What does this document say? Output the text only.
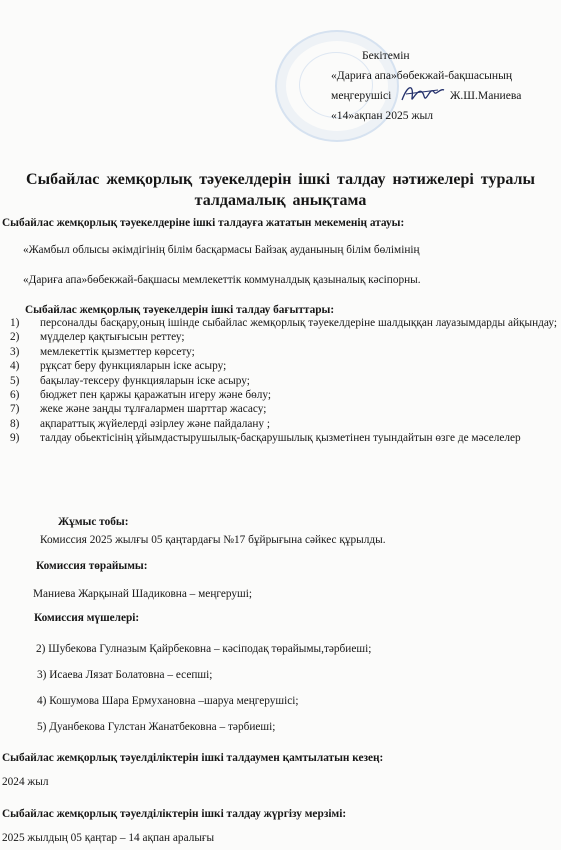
Бекітемін
«Дариға апа»бөбекжай-бақшасының
меңгерушісі	Ж.Ш.Маниева
«14»ақпан 2025 жыл
Сыбайлас жемқорлық тәуекелдерін ішкі талдау нәтижелері туралы
талдамалық анықтама
Сыбайлас жемқорлық тәуекелдеріне ішкі талдауға жататын мекеменің атауы:
«Жамбыл облысы әкімдігінің білім басқармасы Байзақ ауданының білім бөлімінің
«Дариға апа»бөбекжай-бақшасы мемлекеттік коммуналдық қазыналық кәсіпорны.
Сыбайлас жемқорлық тәуекелдерін ішкі талдау бағыттары:
1)	персоналды басқару,оның ішінде сыбайлас жемқорлық тәуекелдеріне шалдыққан лауазымдарды айқындау;
2)	мүдделер қақтығысын реттеу;
3)	мемлекеттік қызметтер көрсету;
4)	рұқсат беру функцияларын іске асыру;
5)	бақылау-тексеру функцияларын іске асыру;
6)	бюджет пен қаржы қаражатын игеру және бөлу;
7)	жеке және заңды тұлғалармен шарттар жасасу;
8)	ақпараттық жүйелерді әзірлеу және пайдалану ;
9)	талдау обьектісінің ұйымдастырушылық-басқарушылық қызметінен туындайтын өзге де мәселелер
Жұмыс тобы:
Комиссия 2025 жылғы 05 қаңтардағы №17 бұйрығына сәйкес құрылды.
Комиссия төрайымы:
Маниева Жарқынай Шадиковна – меңгеруші;
Комиссия мүшелері:
2) Шубекова Гулназым Қайрбековна – кәсіподақ төрайымы,тәрбиеші;
3) Исаева Лязат Болатовна – есепші;
4) Кошумова Шара Ермухановна –шаруа меңгерушісі;
5) Дуанбекова Гулстан Жанатбековна – тәрбиеші;
Сыбайлас жемқорлық тәуелділіктерін ішкі талдаумен қамтылатын кезең:
2024 жыл
Сыбайлас жемқорлық тәуелділіктерін ішкі талдау жүргізу мерзімі:
2025 жылдың 05 қаңтар – 14 ақпан аралығы
